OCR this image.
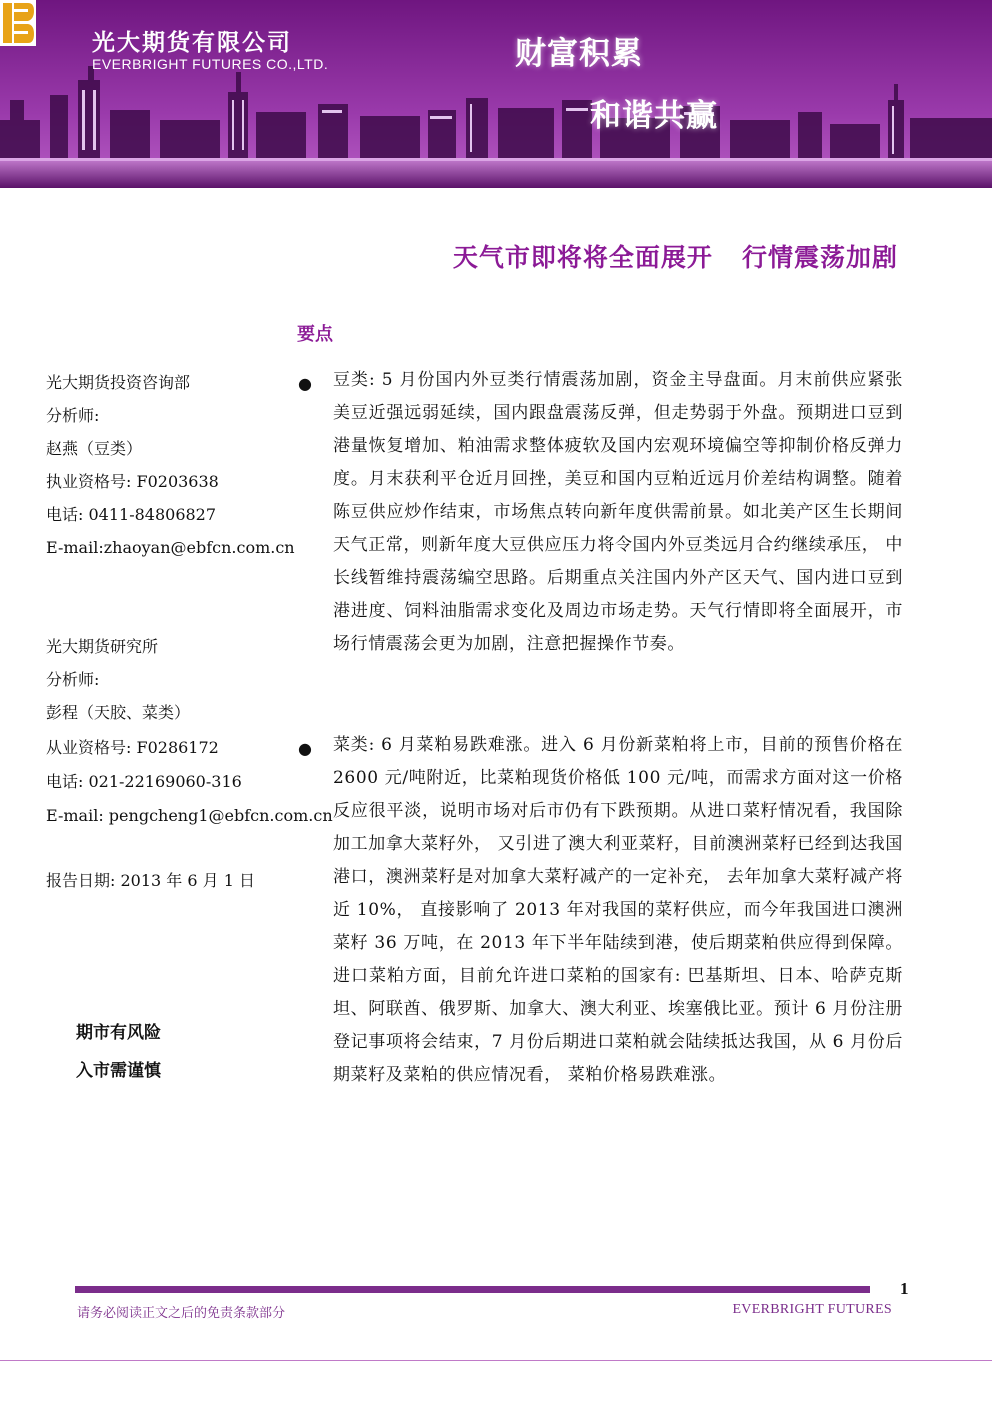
光大期货有限公司
EVERBRIGHT FUTURES CO.,LTD.	财富积累
和谐共赢
天气市即将将全面展开   行情震荡加剧
要点
光大期货投资咨询部
分析师:
赵燕（豆类）
执业资格号: F0203638
电话: 0411-84806827
E-mail:zhaoyan@ebfcn.com.cn
光大期货研究所
分析师:
彭程（天胶、菜类）
从业资格号: F0286172
电话: 021-22169060-316
E-mail: pengcheng1@ebfcn.com.cn
报告日期: 2013 年 6 月 1 日
期市有风险
入市需谨慎
● 豆类: 5 月份国内外豆类行情震荡加剧，资金主导盘面。月末前供应紧张美豆近强远弱延续，国内跟盘震荡反弹，但走势弱于外盘。预期进口豆到港量恢复增加、粕油需求整体疲软及国内宏观环境偏空等抑制价格反弹力度。月末获利平仓近月回挫，美豆和国内豆粕近远月价差结构调整。随着陈豆供应炒作结束，市场焦点转向新年度供需前景。如北美产区生长期间天气正常，则新年度大豆供应压力将令国内外豆类远月合约继续承压， 中长线暂维持震荡编空思路。后期重点关注国内外产区天气、国内进口豆到港进度、饲料油脂需求变化及周边市场走势。天气行情即将全面展开，市场行情震荡会更为加剧，注意把握操作节奏。
● 菜类: 6 月菜粕易跌难涨。进入 6 月份新菜粕将上市，目前的预售价格在 2600 元/吨附近，比菜粕现货价格低 100 元/吨，而需求方面对这一价格反应很平淡，说明市场对后市仍有下跌预期。从进口菜籽情况看，我国除加工加拿大菜籽外， 又引进了澳大利亚菜籽，目前澳洲菜籽已经到达我国港口，澳洲菜籽是对加拿大菜籽减产的一定补充， 去年加拿大菜籽减产将近 10%， 直接影响了 2013 年对我国的菜籽供应，而今年我国进口澳洲菜籽 36 万吨，在 2013 年下半年陆续到港，使后期菜粕供应得到保障。进口菜粕方面，目前允许进口菜粕的国家有: 巴基斯坦、日本、哈萨克斯坦、阿联酋、俄罗斯、加拿大、澳大利亚、埃塞俄比亚。预计 6 月份注册登记事项将会结束，7 月份后期进口菜粕就会陆续抵达我国，从 6 月份后期菜籽及菜粕的供应情况看， 菜粕价格易跌难涨。
1
请务必阅读正文之后的免责条款部分	EVERBRIGHT FUTURES
